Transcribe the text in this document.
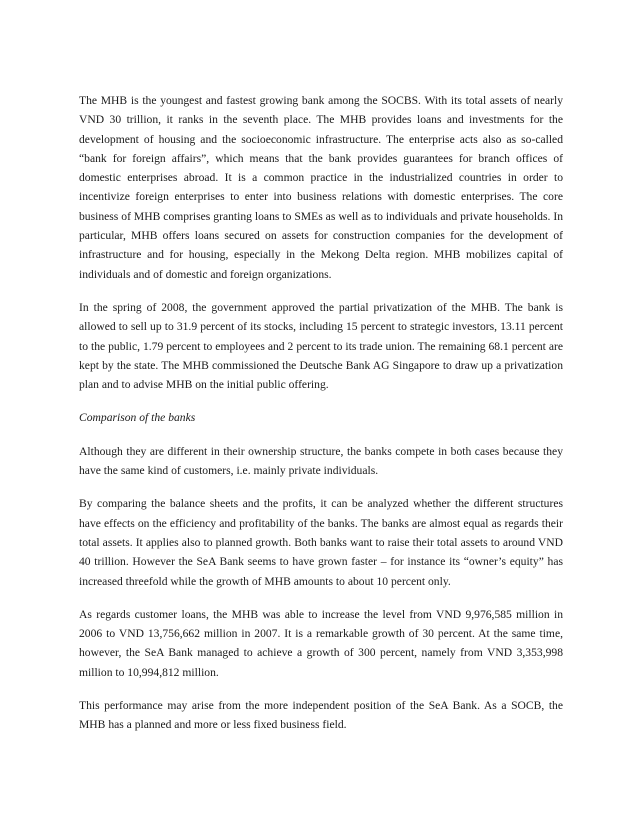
The MHB is the youngest and fastest growing bank among the SOCBS. With its total assets of nearly VND 30 trillion, it ranks in the seventh place. The MHB provides loans and investments for the development of housing and the socioeconomic infrastructure. The enterprise acts also as so-called “bank for foreign affairs”, which means that the bank provides guarantees for branch offices of domestic enterprises abroad. It is a common practice in the industrialized countries in order to incentivize foreign enterprises to enter into business relations with domestic enterprises. The core business of MHB comprises granting loans to SMEs as well as to individuals and private households. In particular, MHB offers loans secured on assets for construction companies for the development of infrastructure and for housing, especially in the Mekong Delta region. MHB mobilizes capital of individuals and of domestic and foreign organizations.

In the spring of 2008, the government approved the partial privatization of the MHB. The bank is allowed to sell up to 31.9 percent of its stocks, including 15 percent to strategic investors, 13.11 percent to the public, 1.79 percent to employees and 2 percent to its trade union. The remaining 68.1 percent are kept by the state. The MHB commissioned the Deutsche Bank AG Singapore to draw up a privatization plan and to advise MHB on the initial public offering.

Comparison of the banks

Although they are different in their ownership structure, the banks compete in both cases because they have the same kind of customers, i.e. mainly private individuals.

By comparing the balance sheets and the profits, it can be analyzed whether the different structures have effects on the efficiency and profitability of the banks. The banks are almost equal as regards their total assets. It applies also to planned growth. Both banks want to raise their total assets to around VND 40 trillion. However the SeA Bank seems to have grown faster – for instance its “owner’s equity” has increased threefold while the growth of MHB amounts to about 10 percent only.

As regards customer loans, the MHB was able to increase the level from VND 9,976,585 million in 2006 to VND 13,756,662 million in 2007. It is a remarkable growth of 30 percent. At the same time, however, the SeA Bank managed to achieve a growth of 300 percent, namely from VND 3,353,998 million to 10,994,812 million.

This performance may arise from the more independent position of the SeA Bank. As a SOCB, the MHB has a planned and more or less fixed business field.
